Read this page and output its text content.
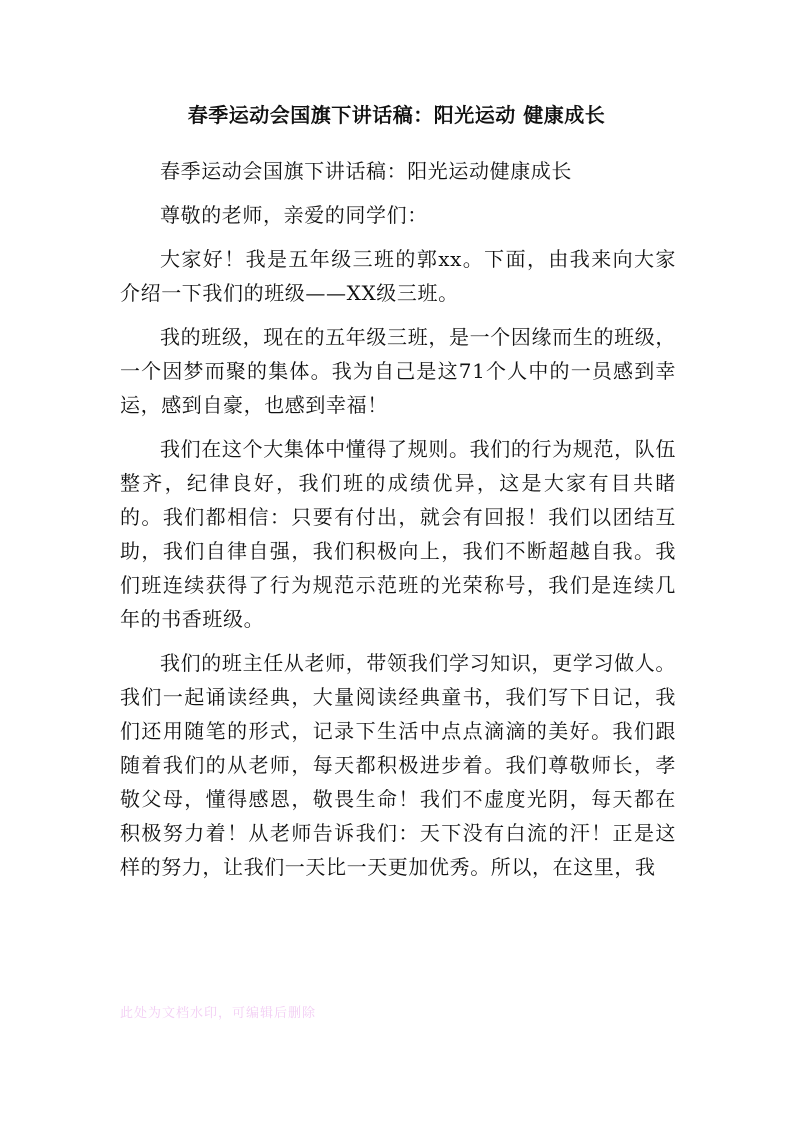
春季运动会国旗下讲话稿：阳光运动 健康成长

春季运动会国旗下讲话稿：阳光运动健康成长

尊敬的老师，亲爱的同学们：

大家好！我是五年级三班的郭xx。下面，由我来向大家介绍一下我们的班级——XX级三班。

我的班级，现在的五年级三班，是一个因缘而生的班级，一个因梦而聚的集体。我为自己是这71个人中的一员感到幸运，感到自豪，也感到幸福！

我们在这个大集体中懂得了规则。我们的行为规范，队伍整齐，纪律良好，我们班的成绩优异，这是大家有目共睹的。我们都相信：只要有付出，就会有回报！我们以团结互助，我们自律自强，我们积极向上，我们不断超越自我。我们班连续获得了行为规范示范班的光荣称号，我们是连续几年的书香班级。

我们的班主任从老师，带领我们学习知识，更学习做人。我们一起诵读经典，大量阅读经典童书，我们写下日记，我们还用随笔的形式，记录下生活中点点滴滴的美好。我们跟随着我们的从老师，每天都积极进步着。我们尊敬师长，孝敬父母，懂得感恩，敬畏生命！我们不虚度光阴，每天都在积极努力着！从老师告诉我们：天下没有白流的汗！正是这样的努力，让我们一天比一天更加优秀。所以，在这里，我

此处为文档水印，可编辑后删除
